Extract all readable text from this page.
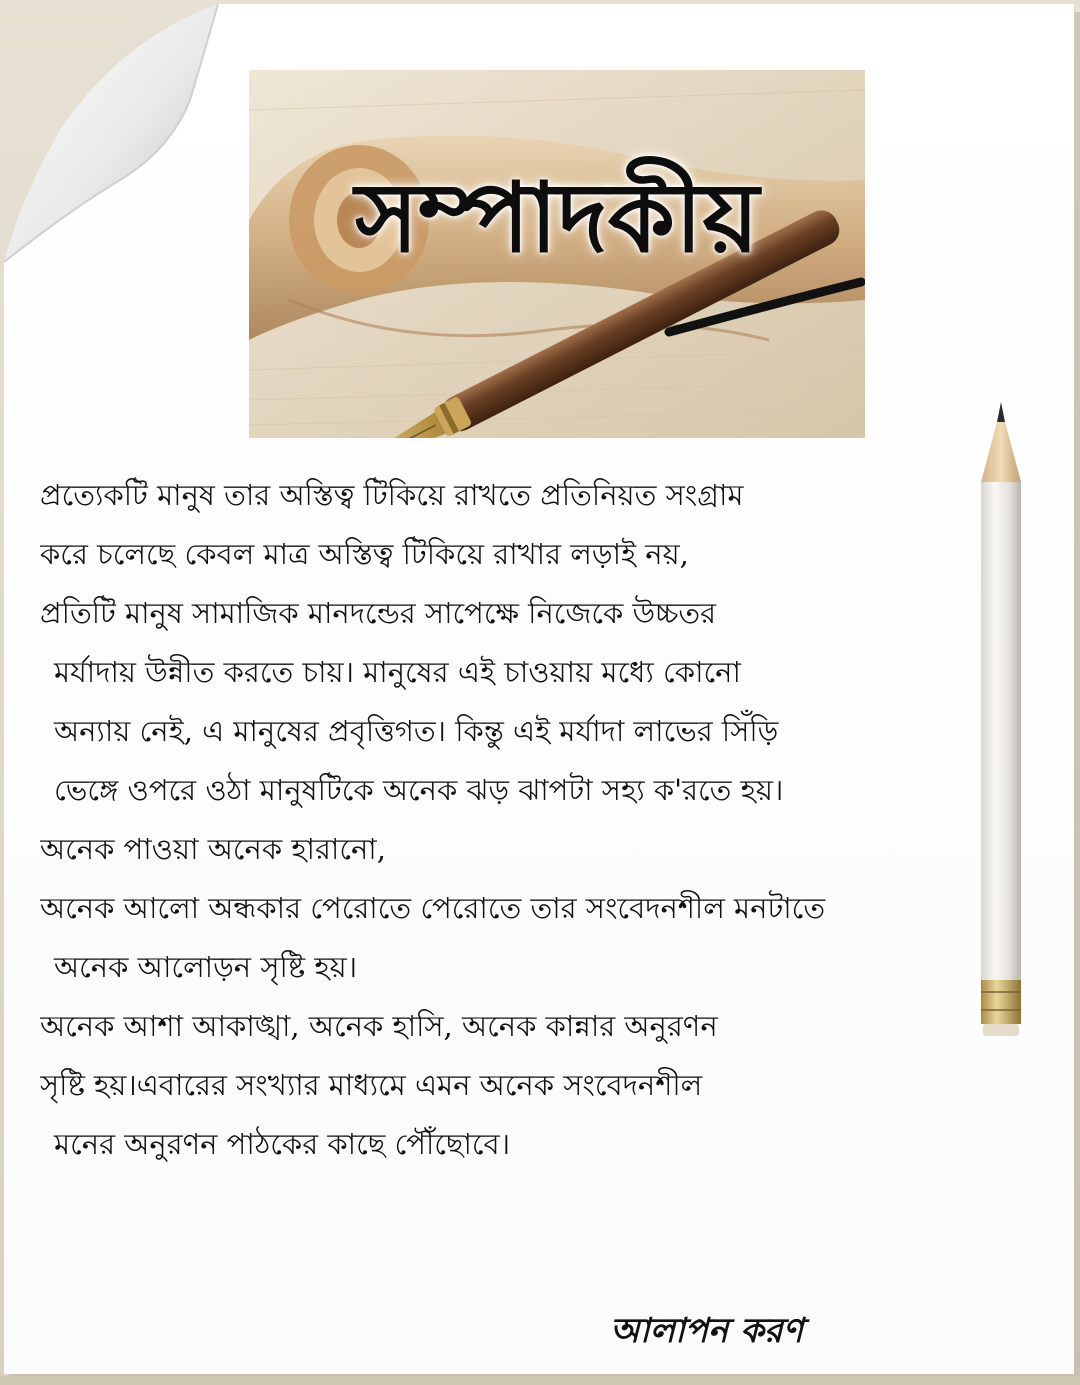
সম্পাদকীয়
প্রত্যেকটি মানুষ তার অস্তিত্ব টিকিয়ে রাখতে প্রতিনিয়ত সংগ্রাম
করে চলেছে কেবল মাত্র অস্তিত্ব টিকিয়ে রাখার লড়াই নয়,
প্রতিটি মানুষ সামাজিক মানদন্ডের সাপেক্ষে নিজেকে উচ্চতর
মর্যাদায় উন্নীত করতে চায়। মানুষের এই চাওয়ায় মধ্যে কোনো
অন্যায় নেই, এ মানুষের প্রবৃত্তিগত। কিন্তু এই মর্যাদা লাভের সিঁড়ি
ভেঙ্গে ওপরে ওঠা মানুষটিকে অনেক ঝড় ঝাপটা সহ্য ক'রতে হয়।
অনেক পাওয়া অনেক হারানো,
অনেক আলো অন্ধকার পেরোতে পেরোতে তার সংবেদনশীল মনটাতে
অনেক আলোড়ন সৃষ্টি হয়।
অনেক আশা আকাঙ্খা, অনেক হাসি, অনেক কান্নার অনুরণন
সৃষ্টি হয়।এবারের সংখ্যার মাধ্যমে এমন অনেক সংবেদনশীল
মনের অনুরণন পাঠকের কাছে পৌঁছোবে।
আলাপন করণ
